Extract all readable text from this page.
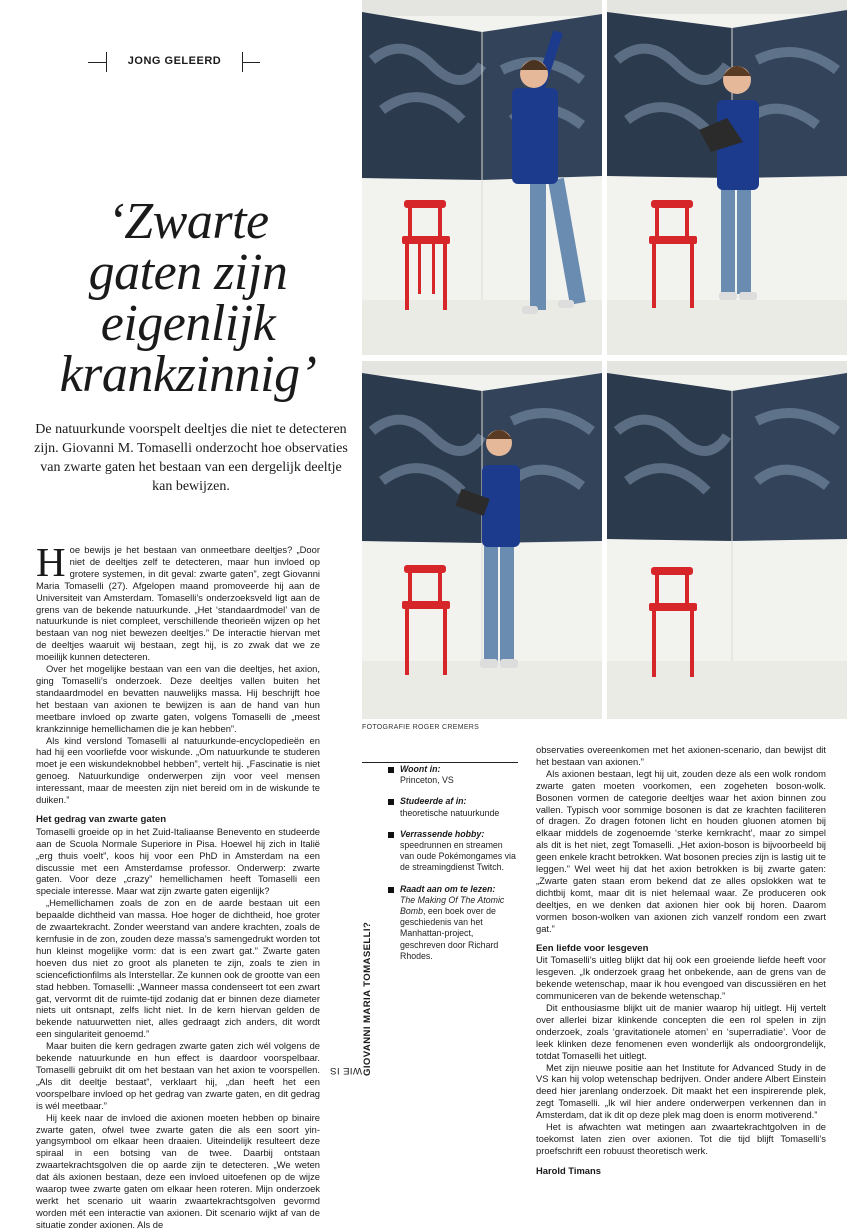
JONG GELEERD
‘Zwarte
gaten zijn
eigenlijk
krankzinnig’
De natuurkunde voorspelt deeltjes die niet te detecteren zijn. Giovanni M. Tomaselli onderzocht hoe observaties van zwarte gaten het bestaan van een dergelijk deeltje kan bewijzen.
FOTOGRAFIE ROGER CREMERS

Hoe bewijs je het bestaan van onmeetbare deeltjes? „Door niet de deeltjes zelf te detecteren, maar hun invloed op grotere systemen, in dit geval: zwarte gaten”, zegt Giovanni Maria Tomaselli (27). Afgelopen maand promoveerde hij aan de Universiteit van Amsterdam. Tomaselli’s onderzoeksveld ligt aan de grens van de bekende natuurkunde. „Het ‘standaardmodel’ van de natuurkunde is niet compleet, verschillende theorieën wijzen op het bestaan van nog niet bewezen deeltjes.” De interactie hiervan met de deeltjes waaruit wij bestaan, zegt hij, is zo zwak dat we ze moeilijk kunnen detecteren.

Over het mogelijke bestaan van een van die deeltjes, het axion, ging Tomaselli’s onderzoek. Deze deeltjes vallen buiten het standaardmodel en bevatten nauwelijks massa. Hij beschrijft hoe het bestaan van axionen te bewijzen is aan de hand van hun meetbare invloed op zwarte gaten, volgens Tomaselli de „meest krankzinnige hemellichamen die je kan hebben”.

Als kind verslond Tomaselli al natuurkunde-encyclopedieën en had hij een voorliefde voor wiskunde. „Om natuurkunde te studeren moet je een wiskundeknobbel hebben”, vertelt hij. „Fascinatie is niet genoeg. Natuurkundige onderwerpen zijn voor veel mensen interessant, maar de meesten zijn niet bereid om in de wiskunde te duiken.”

Het gedrag van zwarte gaten

Tomaselli groeide op in het Zuid-Italiaanse Benevento en studeerde aan de Scuola Normale Superiore in Pisa. Hoewel hij zich in Italië „erg thuis voelt”, koos hij voor een PhD in Amsterdam na een discussie met een Amsterdamse professor. Onderwerp: zwarte gaten. Voor deze „crazy” hemellichamen heeft Tomaselli een speciale interesse. Maar wat zijn zwarte gaten eigenlijk?

„Hemellichamen zoals de zon en de aarde bestaan uit een bepaalde dichtheid van massa. Hoe hoger de dichtheid, hoe groter de zwaartekracht. Zonder weerstand van andere krachten, zoals de kernfusie in de zon, zouden deze massa’s samengedrukt worden tot hun kleinst mogelijke vorm: dat is een zwart gat.” Zwarte gaten hoeven dus niet zo groot als planeten te zijn, zoals te zien in sciencefictionfilms als Interstellar. Ze kunnen ook de grootte van een stad hebben. Tomaselli: „Wanneer massa condenseert tot een zwart gat, vervormt dit de ruimte-tijd zodanig dat er binnen deze diameter niets uit ontsnapt, zelfs licht niet. In de kern hiervan gelden de bekende natuurwetten niet, alles gedraagt zich anders, dit wordt een singulariteit genoemd.”

Maar buiten die kern gedragen zwarte gaten zich wél volgens de bekende natuurkunde en hun effect is daardoor voorspelbaar. Tomaselli gebruikt dit om het bestaan van het axion te voorspellen. „Als dit deeltje bestaat”, verklaart hij, „dan heeft het een voorspelbare invloed op het gedrag van zwarte gaten, en dit gedrag is wél meetbaar.”

Hij keek naar de invloed die axionen moeten hebben op binaire zwarte gaten, ofwel twee zwarte gaten die als een soort yin-yangsymbool om elkaar heen draaien. Uiteindelijk resulteert deze spiraal in een botsing van de twee. Daarbij ontstaan zwaartekrachtsgolven die op aarde zijn te detecteren. „We weten dat áls axionen bestaan, deze een invloed uitoefenen op de wijze waarop twee zwarte gaten om elkaar heen roteren. Mijn onderzoek werkt het scenario uit waarin zwaartekrachtsgolven gevormd worden mét een interactie van axionen. Dit scenario wijkt af van de situatie zonder axionen. Als de

WIE IS GIOVANNI MARIA TOMASELLI?
Woont in:
Princeton, VS
Studeerde af in:
theoretische natuurkunde
Verrassende hobby:
speedrunnen en streamen van oude Pokémongames via de streamingdienst Twitch.
Raadt aan om te lezen:
The Making Of The Atomic Bomb, een boek over de geschiedenis van het Manhattan-project, geschreven door Richard Rhodes.

observaties overeenkomen met het axionen-scenario, dan bewijst dit het bestaan van axionen.”

Als axionen bestaan, legt hij uit, zouden deze als een wolk rondom zwarte gaten moeten voorkomen, een zogeheten boson-wolk. Bosonen vormen de categorie deeltjes waar het axion binnen zou vallen. Typisch voor sommige bosonen is dat ze krachten faciliteren of dragen. Zo dragen fotonen licht en houden gluonen atomen bij elkaar middels de zogenoemde ‘sterke kernkracht’, maar zo simpel als dit is het niet, zegt Tomaselli. „Het axion-boson is bijvoorbeeld bij geen enkele kracht betrokken. Wat bosonen precies zijn is lastig uit te leggen.” Wel weet hij dat het axion betrokken is bij zwarte gaten: „Zwarte gaten staan erom bekend dat ze alles opslokken wat te dichtbij komt, maar dit is niet helemaal waar. Ze produceren ook deeltjes, en we denken dat axionen hier ook bij horen. Daarom vormen boson-wolken van axionen zich vanzelf rondom een zwart gat.”

Een liefde voor lesgeven

Uit Tomaselli’s uitleg blijkt dat hij ook een groeiende liefde heeft voor lesgeven. „Ik onderzoek graag het onbekende, aan de grens van de bekende wetenschap, maar ik hou evengoed van discussiëren en het communiceren van de bekende wetenschap.”

Dit enthousiasme blijkt uit de manier waarop hij uitlegt. Hij vertelt over allerlei bizar klinkende concepten die een rol spelen in zijn onderzoek, zoals ‘gravitationele atomen’ en ‘superradiatie’. Voor de leek klinken deze fenomenen even wonderlijk als ondoorgrondelijk, totdat Tomaselli het uitlegt.

Met zijn nieuwe positie aan het Institute for Advanced Study in de VS kan hij volop wetenschap bedrijven. Onder andere Albert Einstein deed hier jarenlang onderzoek. Dit maakt het een inspirerende plek, zegt Tomaselli. „Ik wil hier andere onderwerpen verkennen dan in Amsterdam, dat ik dit op deze plek mag doen is enorm motiverend.”

Het is afwachten wat metingen aan zwaartekrachtgolven in de toekomst laten zien over axionen. Tot die tijd blijft Tomaselli’s proefschrift een robuust theoretisch werk.

Harold Timans
